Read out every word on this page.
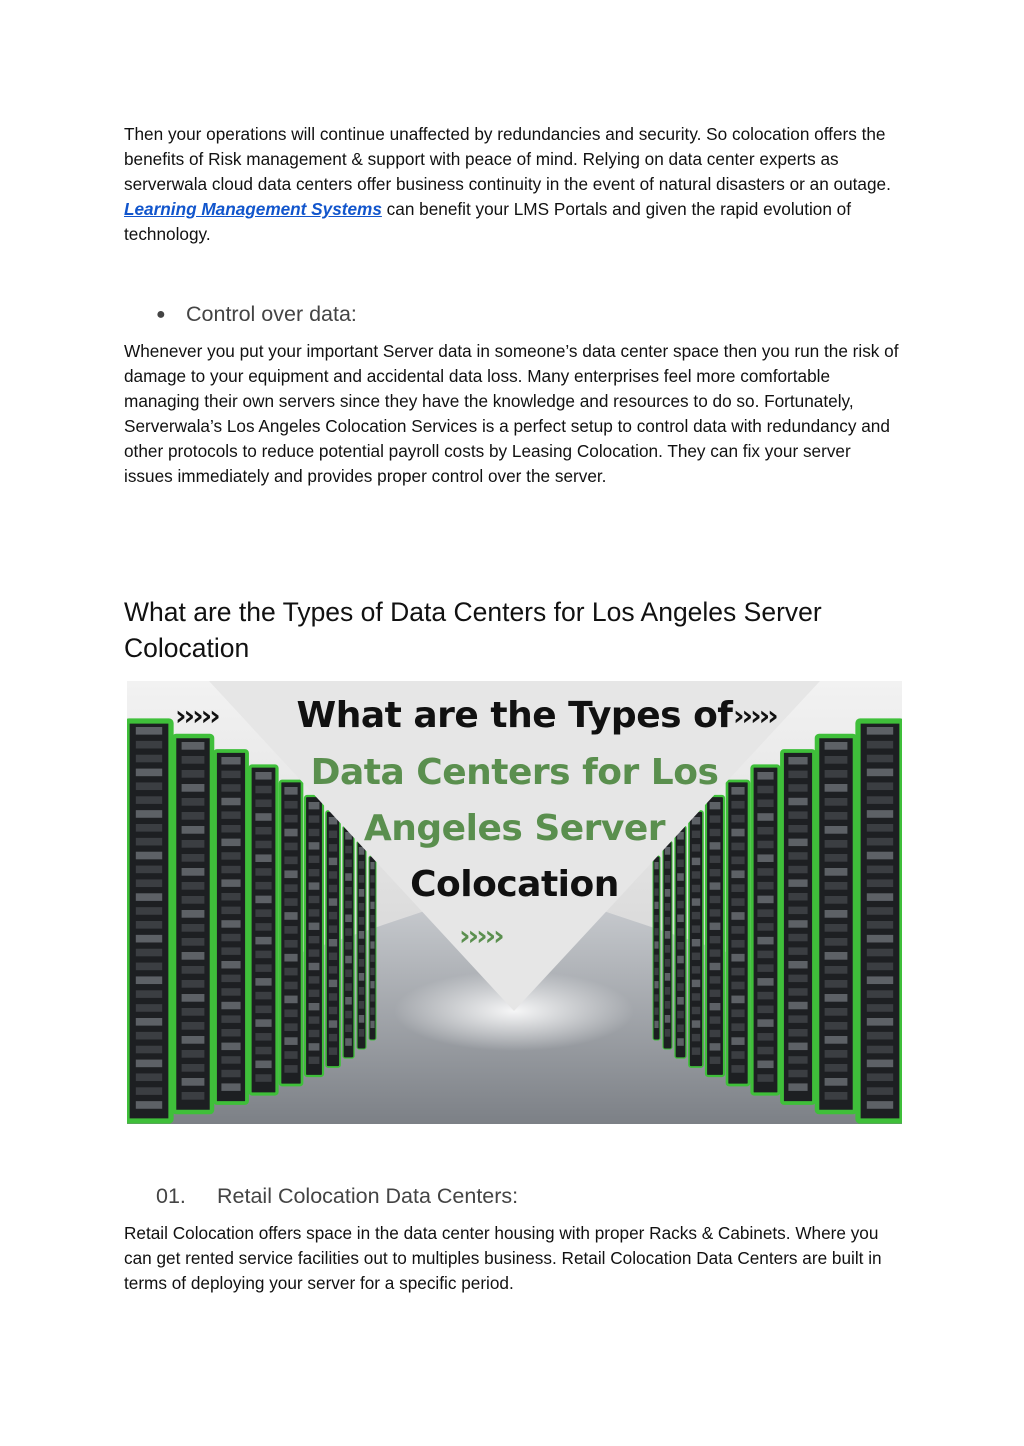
Then your operations will continue unaffected by redundancies and security. So colocation offers the benefits of Risk management & support with peace of mind. Relying on data center experts as serverwala cloud data centers offer business continuity in the event of natural disasters or an outage. Learning Management Systems can benefit your LMS Portals and given the rapid evolution of technology.

● Control over data:

Whenever you put your important Server data in someone’s data center space then you run the risk of damage to your equipment and accidental data loss. Many enterprises feel more comfortable managing their own servers since they have the knowledge and resources to do so. Fortunately, Serverwala’s Los Angeles Colocation Services is a perfect setup to control data with redundancy and other protocols to reduce potential payroll costs by Leasing Colocation. They can fix your server issues immediately and provides proper control over the server.

What are the Types of Data Centers for Los Angeles Server Colocation
›››››	›››››
What are the Types of
Data Centers for Los
Angeles Server
Colocation
›››››
01.	Retail Colocation Data Centers:

Retail Colocation offers space in the data center housing with proper Racks & Cabinets. Where you can get rented service facilities out to multiples business. Retail Colocation Data Centers are built in terms of deploying your server for a specific period.
